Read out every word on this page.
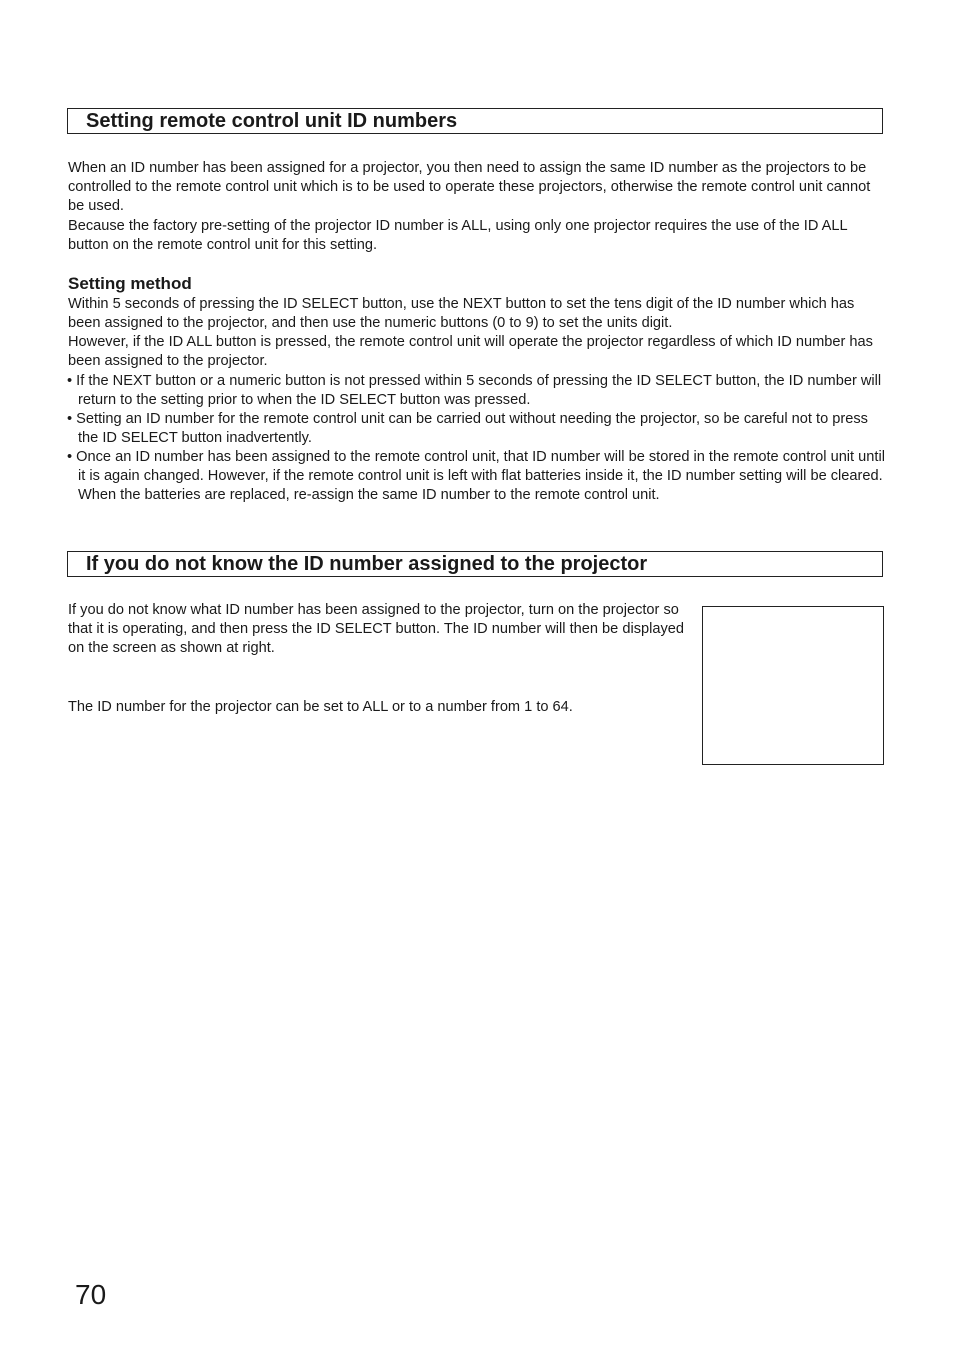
Setting remote control unit ID numbers

When an ID number has been assigned for a projector, you then need to assign the same ID number as the projectors to be controlled to the remote control unit which is to be used to operate these projectors, otherwise the remote control unit cannot be used.

Because the factory pre-setting of the projector ID number is ALL, using only one projector requires the use of the ID ALL button on the remote control unit for this setting.

Setting method

Within 5 seconds of pressing the ID SELECT button, use the NEXT button to set the tens digit of the ID number which has been assigned to the projector, and then use the numeric buttons (0 to 9) to set the units digit.

However, if the ID ALL button is pressed, the remote control unit will operate the projector regardless of which ID number has been assigned to the projector.

• If the NEXT button or a numeric button is not pressed within 5 seconds of pressing the ID SELECT button, the ID number will return to the setting prior to when the ID SELECT button was pressed.

• Setting an ID number for the remote control unit can be carried out without needing the projector, so be careful not to press the ID SELECT button inadvertently.

• Once an ID number has been assigned to the remote control unit, that ID number will be stored in the remote control unit until it is again changed. However, if the remote control unit is left with flat batteries inside it, the ID number setting will be cleared. When the batteries are replaced, re-assign the same ID number to the remote control unit.

If you do not know the ID number assigned to the projector

If you do not know what ID number has been assigned to the projector, turn on the projector so that it is operating, and then press the ID SELECT button. The ID number will then be displayed on the screen as shown at right.

The ID number for the projector can be set to ALL or to a number from 1 to 64.

70
